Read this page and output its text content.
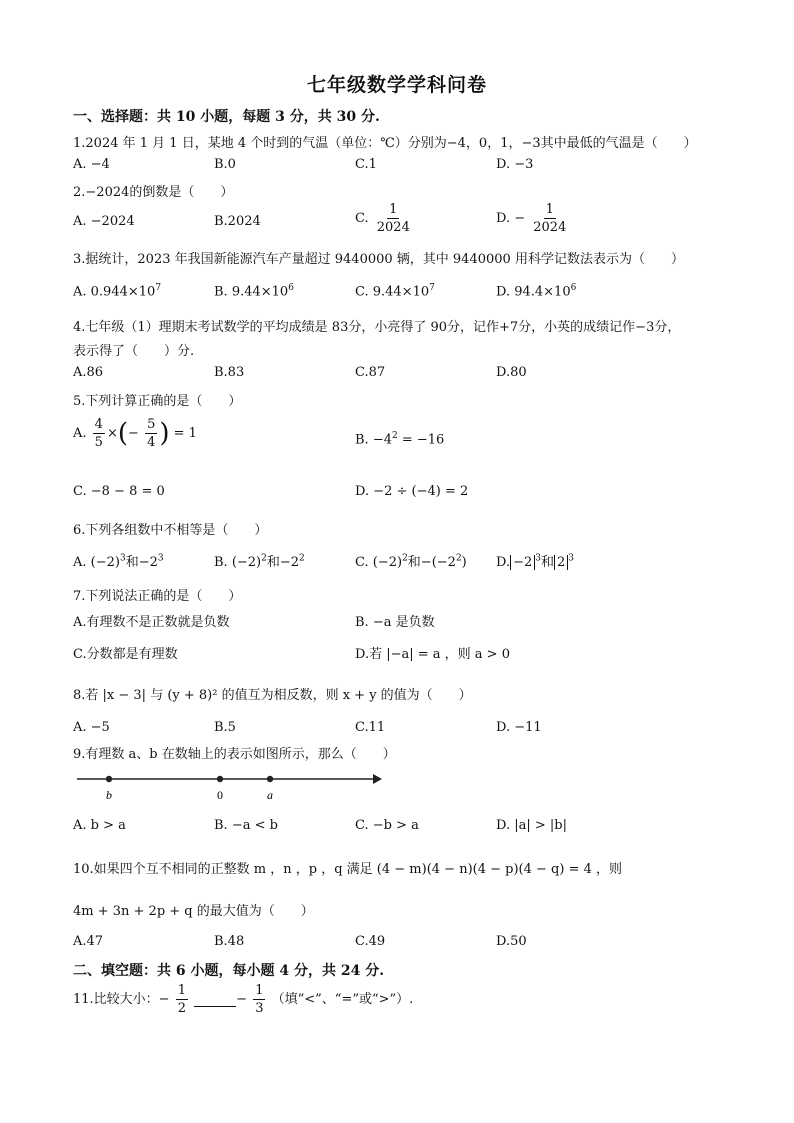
七年级数学学科问卷
一、选择题：共 10 小题，每题 3 分，共 30 分.
1.2024 年 1 月 1 日，某地 4 个时到的气温（单位：℃）分别为−4，0，1，−3其中最低的气温是（　　）
A. −4	B.0	C.1	D. −3
2.−2024的倒数是（　　）
A. −2024	B.2024	C. $\frac{1}{2024}$	D. − $\frac{1}{2024}$
3.据统计，2023 年我国新能源汽车产量超过 9440000 辆，其中 9440000 用科学记数法表示为（　　）
A. $0.944\times 10^7$	B. $9.44\times 10^6$	C. $9.44\times 10^7$	D. $94.4\times 10^6$
4.七年级（1）理期末考试数学的平均成绩是 83分，小亮得了 90分，记作+7分，小英的成绩记作−3分，
表示得了（　　）分.
A.86	B.83	C.87	D.80
5.下列计算正确的是（　　）
A. $\frac{4}{5}$ ×(− $\frac{5}{4}$ ) = 1	B. $-4^2 = -16$
C. −8 − 8 = 0	D. −2 ÷ (−4) = 2
6.下列各组数中不相等是（　　）
A. $(-2)^3$和$-2^3$	B. $(-2)^2$和$-2^2$	C. $(-2)^2$和$-(-2^2)$ D. −2 $^3$和 2 $^3$
7.下列说法正确的是（　　）
A.有理数不是正数就是负数	B. −a 是负数
C.分数都是有理数	D.若 |−a| = a ，则 a > 0
8.若 |x − 3| 与 (y + 8)² 的值互为相反数，则 x + y 的值为（　　）
A. −5	B.5	C.11	D. −11
9.有理数 a、b 在数轴上的表示如图所示，那么（　　）
b	0	a
A. b > a	B. −a < b	C. −b > a	D. |a| > |b|
10.如果四个互不相同的正整数 m ，n ，p ，q 满足 (4 − m)(4 − n)(4 − p)(4 − q) = 4 ，则
4m + 3n + 2p + q 的最大值为（　　）
A.47	B.48	C.49	D.50
二、填空题：共 6 小题，每小题 4 分，共 24 分.
11.比较大小：− $\frac{1}{2}$	− $\frac{1}{3}$ （填“<”、“=”或“>”）.
